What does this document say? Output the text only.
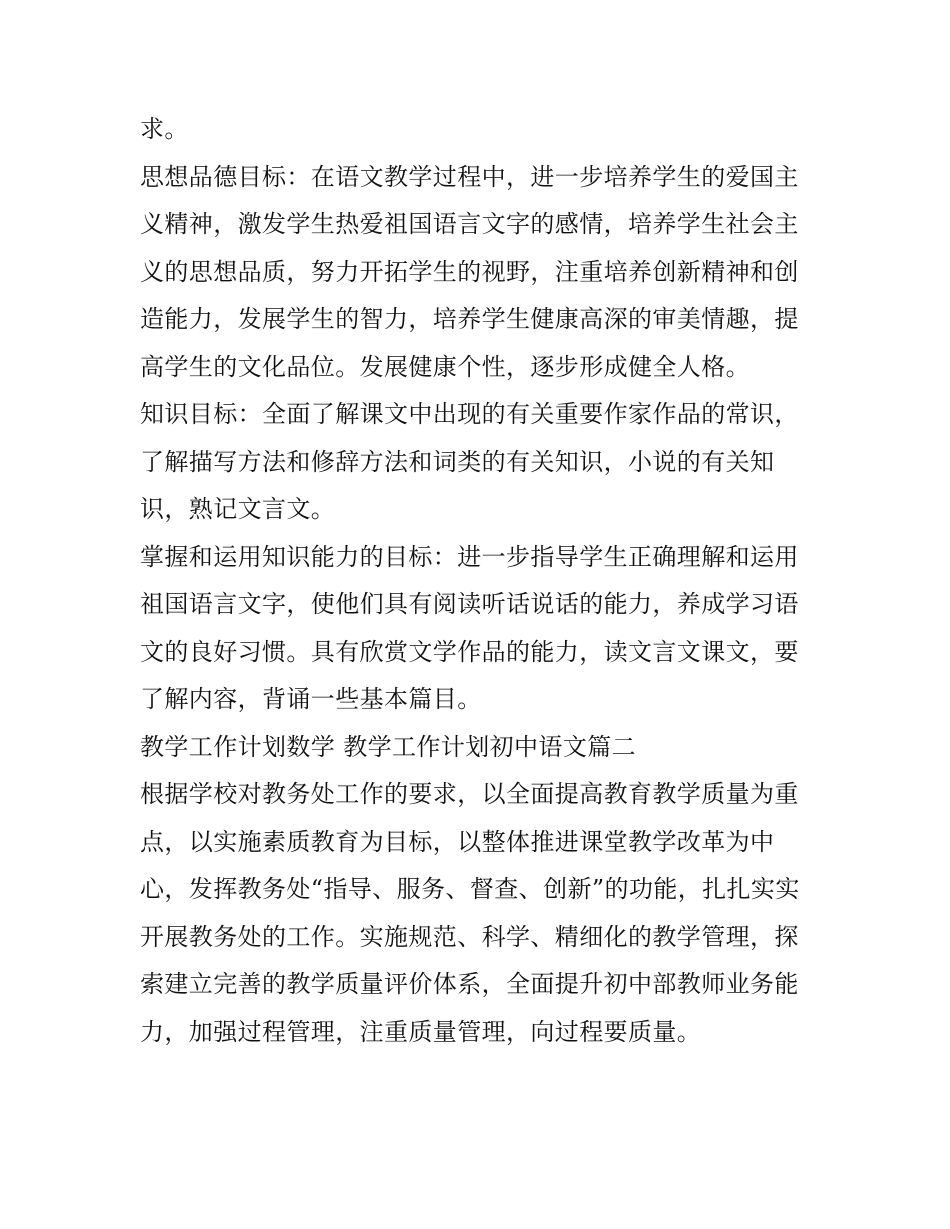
求。
思想品德目标：在语文教学过程中，进一步培养学生的爱国主
义精神，激发学生热爱祖国语言文字的感情，培养学生社会主
义的思想品质，努力开拓学生的视野，注重培养创新精神和创
造能力，发展学生的智力，培养学生健康高深的审美情趣，提
高学生的文化品位。发展健康个性，逐步形成健全人格。
知识目标：全面了解课文中出现的有关重要作家作品的常识，
了解描写方法和修辞方法和词类的有关知识，小说的有关知
识，熟记文言文。
掌握和运用知识能力的目标：进一步指导学生正确理解和运用
祖国语言文字，使他们具有阅读听话说话的能力，养成学习语
文的良好习惯。具有欣赏文学作品的能力，读文言文课文，要
了解内容，背诵一些基本篇目。
教学工作计划数学 教学工作计划初中语文篇二
根据学校对教务处工作的要求，以全面提高教育教学质量为重
点，以实施素质教育为目标，以整体推进课堂教学改革为中
心，发挥教务处“指导、服务、督查、创新”的功能，扎扎实实
开展教务处的工作。实施规范、科学、精细化的教学管理，探
索建立完善的教学质量评价体系，全面提升初中部教师业务能
力，加强过程管理，注重质量管理，向过程要质量。
